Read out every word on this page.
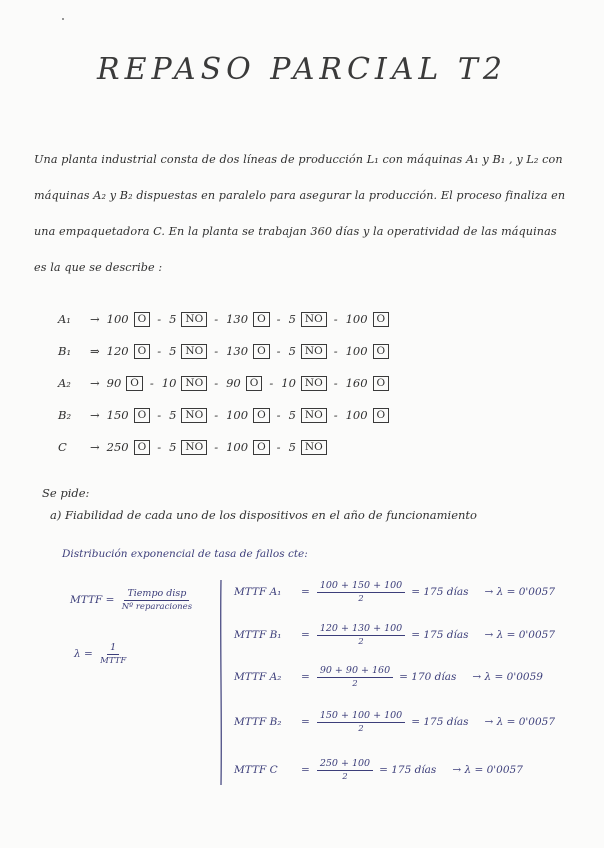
REPASO PARCIAL T2
Una planta industrial consta de dos líneas de producción L₁ con máquinas A₁ y B₁ , y L₂ con
máquinas A₂ y B₂ dispuestas en paralelo para asegurar la producción. El proceso finaliza en
una empaquetadora C. En la planta se trabajan 360 días y la operatividad de las máquinas
es la que se describe :
A₁	→ 100 O - 5 NO - 130 O - 5 NO - 100 O
B₁	⇒ 120 O - 5 NO - 130 O - 5 NO - 100 O
A₂	→ 90 O - 10 NO - 90 O - 10 NO - 160 O
B₂	→ 150 O - 5 NO - 100 O - 5 NO - 100 O
C	→ 250 O - 5 NO - 100 O - 5 NO
Se pide:
a) Fiabilidad de cada uno de los dispositivos en el año de funcionamiento
Distribución exponencial de tasa de fallos cte:
MTTF = $\frac{\text{Tiempo disp}}{\text{Nº reparaciones}}$
$\lambda = \frac{1}{\text{MTTF}}$
MTTF A₁	= $\frac{100 + 150 + 100}{2} = 175$ días → λ = 0'0057
MTTF B₁	= $\frac{120 + 130 + 100}{2} = 175$ días → λ = 0'0057
MTTF A₂	= $\frac{90 + 90 + 160}{2} = 170$ días → λ = 0'0059
MTTF B₂	= $\frac{150 + 100 + 100}{2} = 175$ días → λ = 0'0057
MTTF C	= $\frac{250 + 100}{2} = 175$ días → λ = 0'0057
